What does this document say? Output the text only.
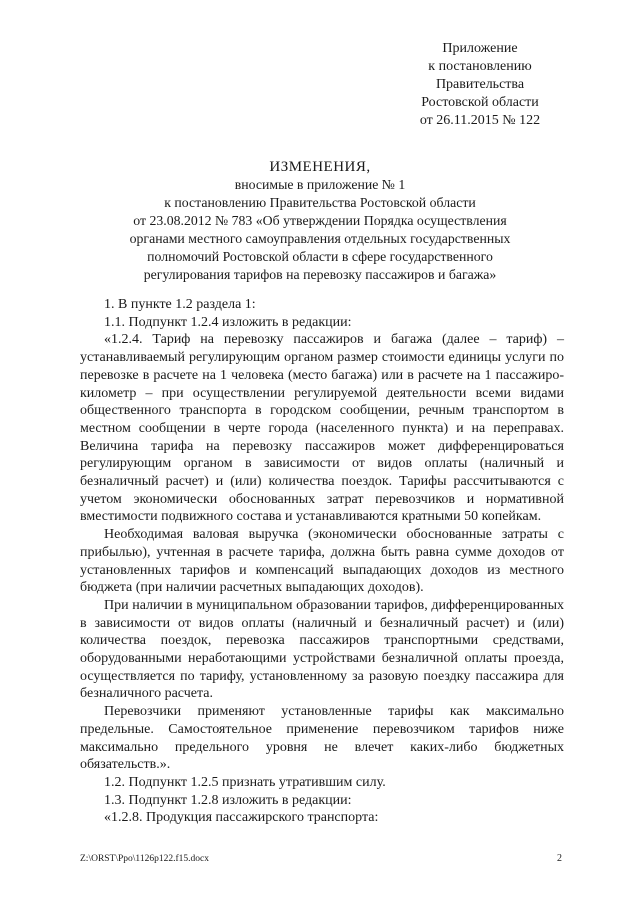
Приложение
к постановлению
Правительства
Ростовской области
от 26.11.2015 № 122
ИЗМЕНЕНИЯ,
вносимые в приложение № 1
к постановлению Правительства Ростовской области
от 23.08.2012 № 783 «Об утверждении Порядка осуществления
органами местного самоуправления отдельных государственных
полномочий Ростовской области в сфере государственного
регулирования тарифов на перевозку пассажиров и багажа»

1. В пункте 1.2 раздела 1:

1.1. Подпункт 1.2.4 изложить в редакции:

«1.2.4. Тариф на перевозку пассажиров и багажа (далее – тариф) – устанавливаемый регулирующим органом размер стоимости единицы услуги по перевозке в расчете на 1 человека (место багажа) или в расчете на 1 пассажиро-километр – при осуществлении регулируемой деятельности всеми видами общественного транспорта в городском сообщении, речным транспортом в местном сообщении в черте города (населенного пункта) и на переправах. Величина тарифа на перевозку пассажиров может дифференцироваться регулирующим органом в зависимости от видов оплаты (наличный и безналичный расчет) и (или) количества поездок. Тарифы рассчитываются с учетом экономически обоснованных затрат перевозчиков и нормативной вместимости подвижного состава и устанавливаются кратными 50 копейкам.

Необходимая валовая выручка (экономически обоснованные затраты с прибылью), учтенная в расчете тарифа, должна быть равна сумме доходов от установленных тарифов и компенсаций выпадающих доходов из местного бюджета (при наличии расчетных выпадающих доходов).

При наличии в муниципальном образовании тарифов, дифференцированных в зависимости от видов оплаты (наличный и безналичный расчет) и (или) количества поездок, перевозка пассажиров транспортными средствами, оборудованными неработающими устройствами безналичной оплаты проезда, осуществляется по тарифу, установленному за разовую поездку пассажира для безналичного расчета.

Перевозчики применяют установленные тарифы как максимально предельные. Самостоятельное применение перевозчиком тарифов ниже максимально предельного уровня не влечет каких-либо бюджетных обязательств.».

1.2. Подпункт 1.2.5 признать утратившим силу.

1.3. Подпункт 1.2.8 изложить в редакции:

«1.2.8. Продукция пассажирского транспорта:

Z:\ORST\Ppo\1126p122.f15.docx	2
